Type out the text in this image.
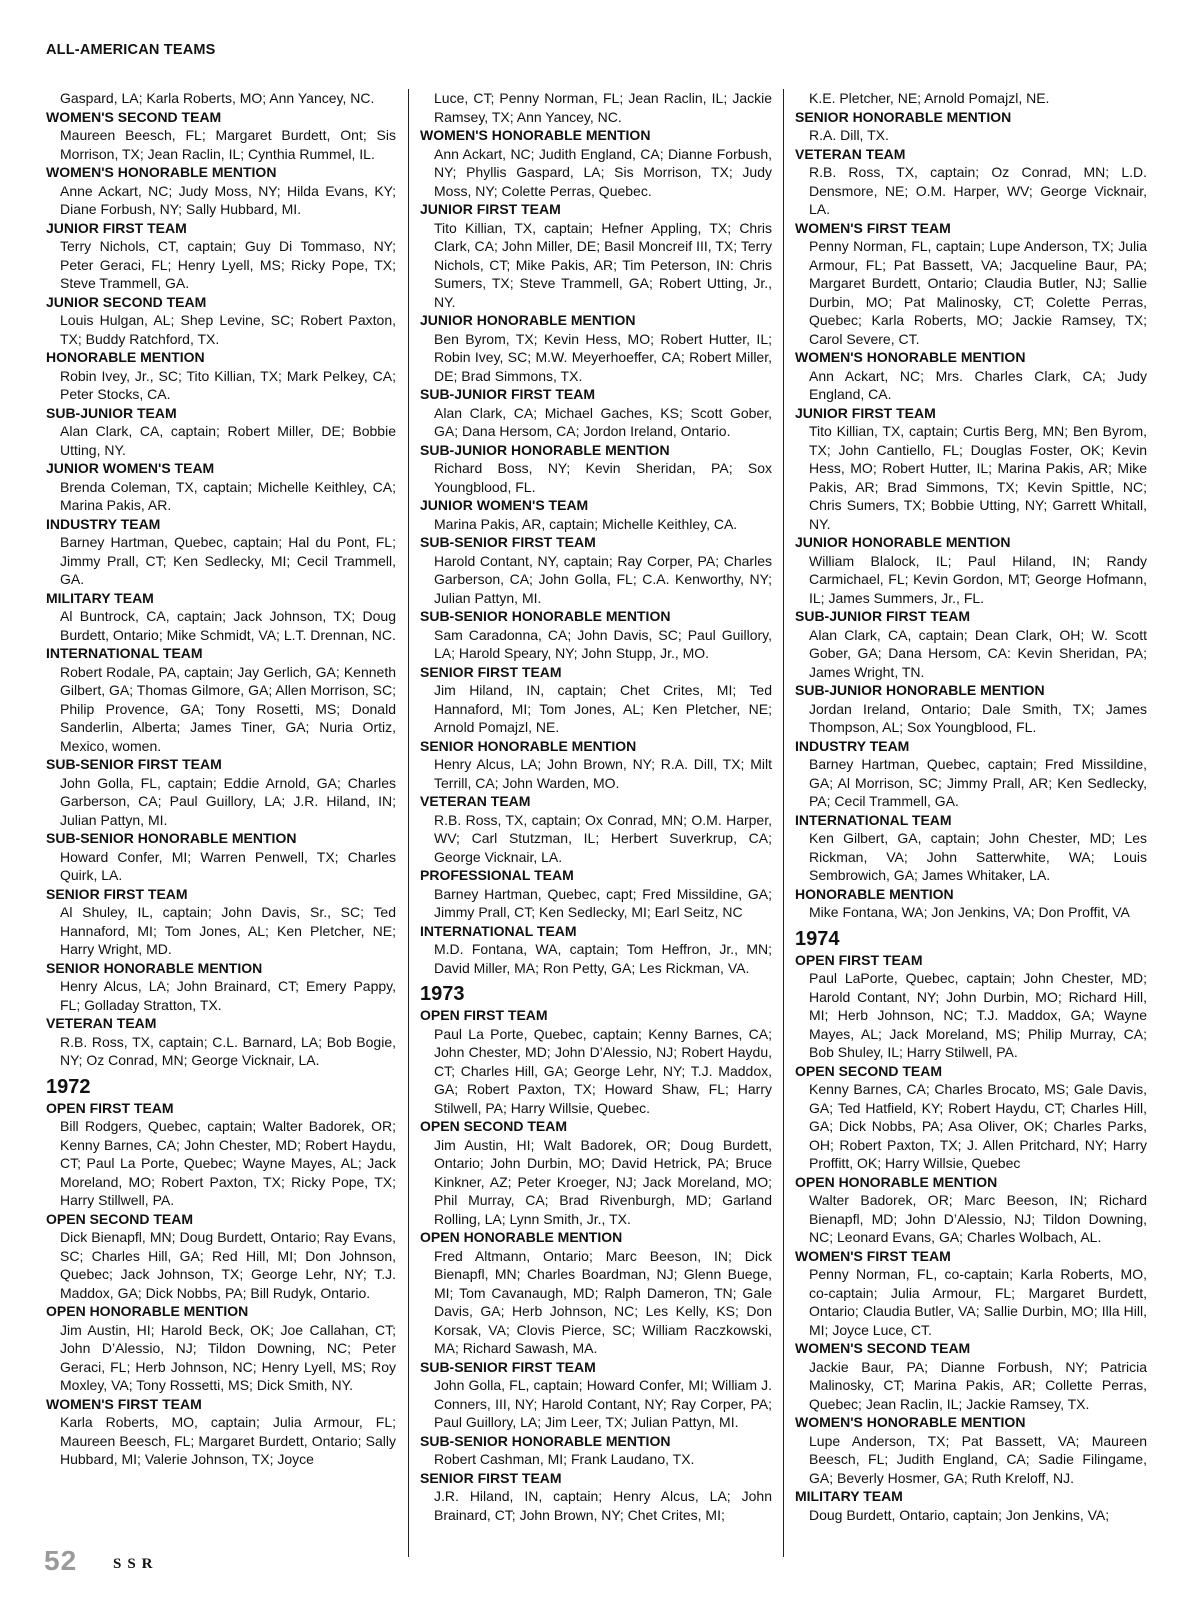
ALL-AMERICAN TEAMS
Gaspard, LA; Karla Roberts, MO; Ann Yancey, NC.
WOMEN'S SECOND TEAM
Maureen Beesch, FL; Margaret Burdett, Ont; Sis Morrison, TX; Jean Raclin, IL; Cynthia Rummel, IL.
WOMEN'S HONORABLE MENTION
Anne Ackart, NC; Judy Moss, NY; Hilda Evans, KY; Diane Forbush, NY; Sally Hubbard, MI.
JUNIOR FIRST TEAM
Terry Nichols, CT, captain; Guy Di Tommaso, NY; Peter Geraci, FL; Henry Lyell, MS; Ricky Pope, TX; Steve Trammell, GA.
JUNIOR SECOND TEAM
Louis Hulgan, AL; Shep Levine, SC; Robert Paxton, TX; Buddy Ratchford, TX.
HONORABLE MENTION
Robin Ivey, Jr., SC; Tito Killian, TX; Mark Pelkey, CA; Peter Stocks, CA.
SUB-JUNIOR TEAM
Alan Clark, CA, captain; Robert Miller, DE; Bobbie Utting, NY.
JUNIOR WOMEN'S TEAM
Brenda Coleman, TX, captain; Michelle Keithley, CA; Marina Pakis, AR.
INDUSTRY TEAM
Barney Hartman, Quebec, captain; Hal du Pont, FL; Jimmy Prall, CT; Ken Sedlecky, MI; Cecil Trammell, GA.
MILITARY TEAM
Al Buntrock, CA, captain; Jack Johnson, TX; Doug Burdett, Ontario; Mike Schmidt, VA; L.T. Drennan, NC.
INTERNATIONAL TEAM
Robert Rodale, PA, captain; Jay Gerlich, GA; Kenneth Gilbert, GA; Thomas Gilmore, GA; Allen Morrison, SC; Philip Provence, GA; Tony Rosetti, MS; Donald Sanderlin, Alberta; James Tiner, GA; Nuria Ortiz, Mexico, women.
SUB-SENIOR FIRST TEAM
John Golla, FL, captain; Eddie Arnold, GA; Charles Garberson, CA; Paul Guillory, LA; J.R. Hiland, IN; Julian Pattyn, MI.
SUB-SENIOR HONORABLE MENTION
Howard Confer, MI; Warren Penwell, TX; Charles Quirk, LA.
SENIOR FIRST TEAM
Al Shuley, IL, captain; John Davis, Sr., SC; Ted Hannaford, MI; Tom Jones, AL; Ken Pletcher, NE; Harry Wright, MD.
SENIOR HONORABLE MENTION
Henry Alcus, LA; John Brainard, CT; Emery Pappy, FL; Golladay Stratton, TX.
VETERAN TEAM
R.B. Ross, TX, captain; C.L. Barnard, LA; Bob Bogie, NY; Oz Conrad, MN; George Vicknair, LA.
1972
OPEN FIRST TEAM
Bill Rodgers, Quebec, captain; Walter Badorek, OR; Kenny Barnes, CA; John Chester, MD; Robert Haydu, CT; Paul La Porte, Quebec; Wayne Mayes, AL; Jack Moreland, MO; Robert Paxton, TX; Ricky Pope, TX; Harry Stillwell, PA.
OPEN SECOND TEAM
Dick Bienapfl, MN; Doug Burdett, Ontario; Ray Evans, SC; Charles Hill, GA; Red Hill, MI; Don Johnson, Quebec; Jack Johnson, TX; George Lehr, NY; T.J. Maddox, GA; Dick Nobbs, PA; Bill Rudyk, Ontario.
OPEN HONORABLE MENTION
Jim Austin, HI; Harold Beck, OK; Joe Callahan, CT; John D’Alessio, NJ; Tildon Downing, NC; Peter Geraci, FL; Herb Johnson, NC; Henry Lyell, MS; Roy Moxley, VA; Tony Rossetti, MS; Dick Smith, NY.
WOMEN'S FIRST TEAM
Karla Roberts, MO, captain; Julia Armour, FL; Maureen Beesch, FL; Margaret Burdett, Ontario; Sally Hubbard, MI; Valerie Johnson, TX; Joyce
Luce, CT; Penny Norman, FL; Jean Raclin, IL; Jackie Ramsey, TX; Ann Yancey, NC.
WOMEN'S HONORABLE MENTION
Ann Ackart, NC; Judith England, CA; Dianne Forbush, NY; Phyllis Gaspard, LA; Sis Morrison, TX; Judy Moss, NY; Colette Perras, Quebec.
JUNIOR FIRST TEAM
Tito Killian, TX, captain; Hefner Appling, TX; Chris Clark, CA; John Miller, DE; Basil Moncreif III, TX; Terry Nichols, CT; Mike Pakis, AR; Tim Peterson, IN: Chris Sumers, TX; Steve Trammell, GA; Robert Utting, Jr., NY.
JUNIOR HONORABLE MENTION
Ben Byrom, TX; Kevin Hess, MO; Robert Hutter, IL; Robin Ivey, SC; M.W. Meyerhoeffer, CA; Robert Miller, DE; Brad Simmons, TX.
SUB-JUNIOR FIRST TEAM
Alan Clark, CA; Michael Gaches, KS; Scott Gober, GA; Dana Hersom, CA; Jordon Ireland, Ontario.
SUB-JUNIOR HONORABLE MENTION
Richard Boss, NY; Kevin Sheridan, PA; Sox Youngblood, FL.
JUNIOR WOMEN'S TEAM
Marina Pakis, AR, captain; Michelle Keithley, CA.
SUB-SENIOR FIRST TEAM
Harold Contant, NY, captain; Ray Corper, PA; Charles Garberson, CA; John Golla, FL; C.A. Kenworthy, NY; Julian Pattyn, MI.
SUB-SENIOR HONORABLE MENTION
Sam Caradonna, CA; John Davis, SC; Paul Guillory, LA; Harold Speary, NY; John Stupp, Jr., MO.
SENIOR FIRST TEAM
Jim Hiland, IN, captain; Chet Crites, MI; Ted Hannaford, MI; Tom Jones, AL; Ken Pletcher, NE; Arnold Pomajzl, NE.
SENIOR HONORABLE MENTION
Henry Alcus, LA; John Brown, NY; R.A. Dill, TX; Milt Terrill, CA; John Warden, MO.
VETERAN TEAM
R.B. Ross, TX, captain; Ox Conrad, MN; O.M. Harper, WV; Carl Stutzman, IL; Herbert Suverkrup, CA; George Vicknair, LA.
PROFESSIONAL TEAM
Barney Hartman, Quebec, capt; Fred Missildine, GA; Jimmy Prall, CT; Ken Sedlecky, MI; Earl Seitz, NC
INTERNATIONAL TEAM
M.D. Fontana, WA, captain; Tom Heffron, Jr., MN; David Miller, MA; Ron Petty, GA; Les Rickman, VA.
1973
OPEN FIRST TEAM
Paul La Porte, Quebec, captain; Kenny Barnes, CA; John Chester, MD; John D’Alessio, NJ; Robert Haydu, CT; Charles Hill, GA; George Lehr, NY; T.J. Maddox, GA; Robert Paxton, TX; Howard Shaw, FL; Harry Stilwell, PA; Harry Willsie, Quebec.
OPEN SECOND TEAM
Jim Austin, HI; Walt Badorek, OR; Doug Burdett, Ontario; John Durbin, MO; David Hetrick, PA; Bruce Kinkner, AZ; Peter Kroeger, NJ; Jack Moreland, MO; Phil Murray, CA; Brad Rivenburgh, MD; Garland Rolling, LA; Lynn Smith, Jr., TX.
OPEN HONORABLE MENTION
Fred Altmann, Ontario; Marc Beeson, IN; Dick Bienapfl, MN; Charles Boardman, NJ; Glenn Buege, MI; Tom Cavanaugh, MD; Ralph Dameron, TN; Gale Davis, GA; Herb Johnson, NC; Les Kelly, KS; Don Korsak, VA; Clovis Pierce, SC; William Raczkowski, MA; Richard Sawash, MA.
SUB-SENIOR FIRST TEAM
John Golla, FL, captain; Howard Confer, MI; William J. Conners, III, NY; Harold Contant, NY; Ray Corper, PA; Paul Guillory, LA; Jim Leer, TX; Julian Pattyn, MI.
SUB-SENIOR HONORABLE MENTION
Robert Cashman, MI; Frank Laudano, TX.
SENIOR FIRST TEAM
J.R. Hiland, IN, captain; Henry Alcus, LA; John Brainard, CT; John Brown, NY; Chet Crites, MI;
K.E. Pletcher, NE; Arnold Pomajzl, NE.
SENIOR HONORABLE MENTION
R.A. Dill, TX.
VETERAN TEAM
R.B. Ross, TX, captain; Oz Conrad, MN; L.D. Densmore, NE; O.M. Harper, WV; George Vicknair, LA.
WOMEN'S FIRST TEAM
Penny Norman, FL, captain; Lupe Anderson, TX; Julia Armour, FL; Pat Bassett, VA; Jacqueline Baur, PA; Margaret Burdett, Ontario; Claudia Butler, NJ; Sallie Durbin, MO; Pat Malinosky, CT; Colette Perras, Quebec; Karla Roberts, MO; Jackie Ramsey, TX; Carol Severe, CT.
WOMEN'S HONORABLE MENTION
Ann Ackart, NC; Mrs. Charles Clark, CA; Judy England, CA.
JUNIOR FIRST TEAM
Tito Killian, TX, captain; Curtis Berg, MN; Ben Byrom, TX; John Cantiello, FL; Douglas Foster, OK; Kevin Hess, MO; Robert Hutter, IL; Marina Pakis, AR; Mike Pakis, AR; Brad Simmons, TX; Kevin Spittle, NC; Chris Sumers, TX; Bobbie Utting, NY; Garrett Whitall, NY.
JUNIOR HONORABLE MENTION
William Blalock, IL; Paul Hiland, IN; Randy Carmichael, FL; Kevin Gordon, MT; George Hofmann, IL; James Summers, Jr., FL.
SUB-JUNIOR FIRST TEAM
Alan Clark, CA, captain; Dean Clark, OH; W. Scott Gober, GA; Dana Hersom, CA: Kevin Sheridan, PA; James Wright, TN.
SUB-JUNIOR HONORABLE MENTION
Jordan Ireland, Ontario; Dale Smith, TX; James Thompson, AL; Sox Youngblood, FL.
INDUSTRY TEAM
Barney Hartman, Quebec, captain; Fred Missildine, GA; Al Morrison, SC; Jimmy Prall, AR; Ken Sedlecky, PA; Cecil Trammell, GA.
INTERNATIONAL TEAM
Ken Gilbert, GA, captain; John Chester, MD; Les Rickman, VA; John Satterwhite, WA; Louis Sembrowich, GA; James Whitaker, LA.
HONORABLE MENTION
Mike Fontana, WA; Jon Jenkins, VA; Don Proffit, VA
1974
OPEN FIRST TEAM
Paul LaPorte, Quebec, captain; John Chester, MD; Harold Contant, NY; John Durbin, MO; Richard Hill, MI; Herb Johnson, NC; T.J. Maddox, GA; Wayne Mayes, AL; Jack Moreland, MS; Philip Murray, CA; Bob Shuley, IL; Harry Stilwell, PA.
OPEN SECOND TEAM
Kenny Barnes, CA; Charles Brocato, MS; Gale Davis, GA; Ted Hatfield, KY; Robert Haydu, CT; Charles Hill, GA; Dick Nobbs, PA; Asa Oliver, OK; Charles Parks, OH; Robert Paxton, TX; J. Allen Pritchard, NY; Harry Proffitt, OK; Harry Willsie, Quebec
OPEN HONORABLE MENTION
Walter Badorek, OR; Marc Beeson, IN; Richard Bienapfl, MD; John D’Alessio, NJ; Tildon Downing, NC; Leonard Evans, GA; Charles Wolbach, AL.
WOMEN'S FIRST TEAM
Penny Norman, FL, co-captain; Karla Roberts, MO, co-captain; Julia Armour, FL; Margaret Burdett, Ontario; Claudia Butler, VA; Sallie Durbin, MO; Illa Hill, MI; Joyce Luce, CT.
WOMEN'S SECOND TEAM
Jackie Baur, PA; Dianne Forbush, NY; Patricia Malinosky, CT; Marina Pakis, AR; Collette Perras, Quebec; Jean Raclin, IL; Jackie Ramsey, TX.
WOMEN'S HONORABLE MENTION
Lupe Anderson, TX; Pat Bassett, VA; Maureen Beesch, FL; Judith England, CA; Sadie Filingame, GA; Beverly Hosmer, GA; Ruth Kreloff, NJ.
MILITARY TEAM
Doug Burdett, Ontario, captain; Jon Jenkins, VA;
52 SSR
